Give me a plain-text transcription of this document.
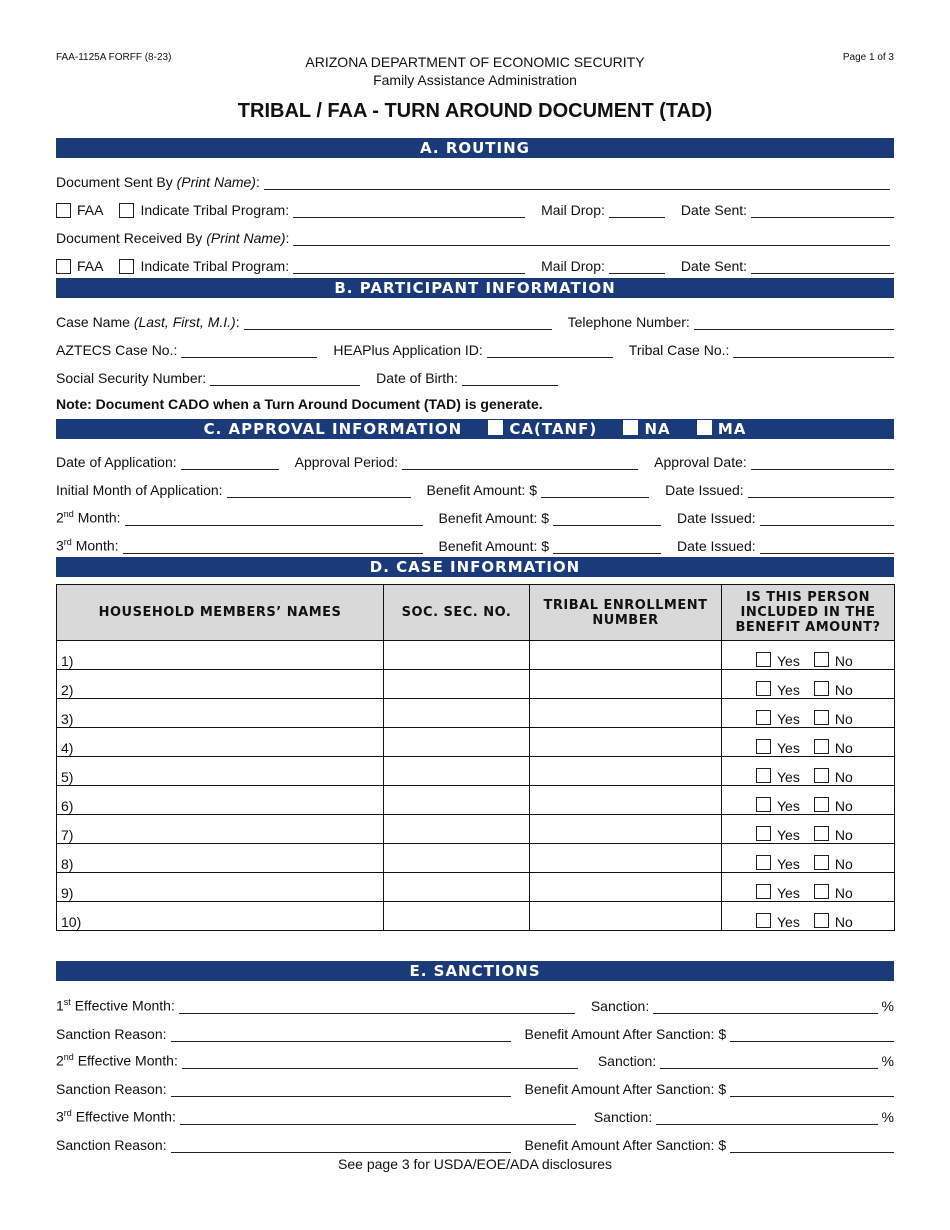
FAA-1125A FORFF (8-23)	Page 1 of 3
ARIZONA DEPARTMENT OF ECONOMIC SECURITY
Family Assistance Administration
TRIBAL / FAA - TURN AROUND DOCUMENT (TAD)
A. ROUTING
Document Sent By (Print Name):
FAA	Indicate Tribal Program:	Mail Drop:	Date Sent:
Document Received By (Print Name):
FAA	Indicate Tribal Program:	Mail Drop:	Date Sent:
B. PARTICIPANT INFORMATION
Case Name (Last, First, M.I.):	Telephone Number:
AZTECS Case No.:	HEAPlus Application ID:	Tribal Case No.:
Social Security Number:	Date of Birth:
Note: Document CADO when a Turn Around Document (TAD) is generate.
C. APPROVAL INFORMATION	CA(TANF)	NA	MA
Date of Application:	Approval Period:	Approval Date:
Initial Month of Application:	Benefit Amount: $	Date Issued:
2nd Month:	Benefit Amount: $	Date Issued:
3rd Month:	Benefit Amount: $	Date Issued:
D. CASE INFORMATION
HOUSEHOLD MEMBERS’ NAMES	SOC. SEC. NO.	TRIBAL ENROLLMENT NUMBER	IS THIS PERSON INCLUDED IN THE BENEFIT AMOUNT?
1)			Yes No
2)			Yes No
3)			Yes No
4)			Yes No
5)			Yes No
6)			Yes No
7)			Yes No
8)			Yes No
9)			Yes No
10)			Yes No
E. SANCTIONS
1st Effective Month:	Sanction:	%
Sanction Reason:	Benefit Amount After Sanction: $
2nd Effective Month:	Sanction:	%
Sanction Reason:	Benefit Amount After Sanction: $
3rd Effective Month:	Sanction:	%
Sanction Reason:	Benefit Amount After Sanction: $
See page 3 for USDA/EOE/ADA disclosures
